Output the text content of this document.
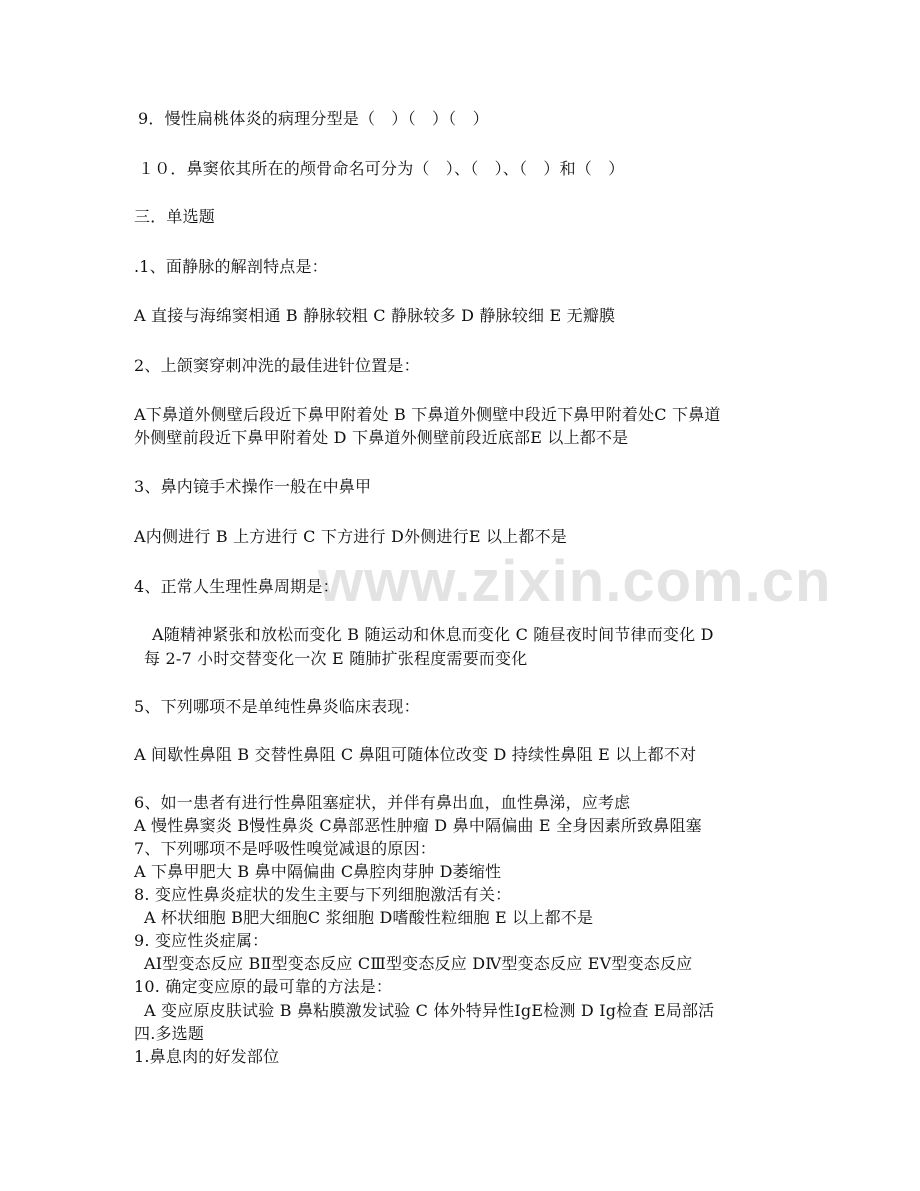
www.zixin.com.cn
9．慢性扁桃体炎的病理分型是（　）（　）（　）
１０．鼻窦依其所在的颅骨命名可分为（　）、（　）、（　）和（　）
三．单选题
.1、面静脉的解剖特点是：
A 直接与海绵窦相通 B 静脉较粗 C 静脉较多 D 静脉较细 E 无瓣膜
2、上颌窦穿刺冲洗的最佳进针位置是：
A下鼻道外侧壁后段近下鼻甲附着处 B 下鼻道外侧壁中段近下鼻甲附着处C 下鼻道
外侧壁前段近下鼻甲附着处 D 下鼻道外侧壁前段近底部E 以上都不是
3、鼻内镜手术操作一般在中鼻甲
A内侧进行 B 上方进行 C 下方进行 D外侧进行E 以上都不是
4、正常人生理性鼻周期是：
A随精神紧张和放松而变化 B 随运动和休息而变化 C 随昼夜时间节律而变化 D
每 2-7 小时交替变化一次 E 随肺扩张程度需要而变化
5、下列哪项不是单纯性鼻炎临床表现：
A 间歇性鼻阻 B 交替性鼻阻 C 鼻阻可随体位改变 D 持续性鼻阻 E 以上都不对
6、如一患者有进行性鼻阻塞症状，并伴有鼻出血，血性鼻涕，应考虑
A 慢性鼻窦炎 B慢性鼻炎 C鼻部恶性肿瘤 D 鼻中隔偏曲 E 全身因素所致鼻阻塞
7、下列哪项不是呼吸性嗅觉减退的原因：
A 下鼻甲肥大 B 鼻中隔偏曲 C鼻腔肉芽肿 D萎缩性
8. 变应性鼻炎症状的发生主要与下列细胞激活有关：
A 杯状细胞 B肥大细胞C 浆细胞 D嗜酸性粒细胞 E 以上都不是
9. 变应性炎症属：
AⅠ型变态反应 BⅡ型变态反应 CⅢ型变态反应 DⅣ型变态反应 EⅤ型变态反应
10. 确定变应原的最可靠的方法是：
A 变应原皮肤试验 B 鼻粘膜激发试验 C 体外特异性IgE检测 D Ig检查 E局部活
四.多选题
1.鼻息肉的好发部位
